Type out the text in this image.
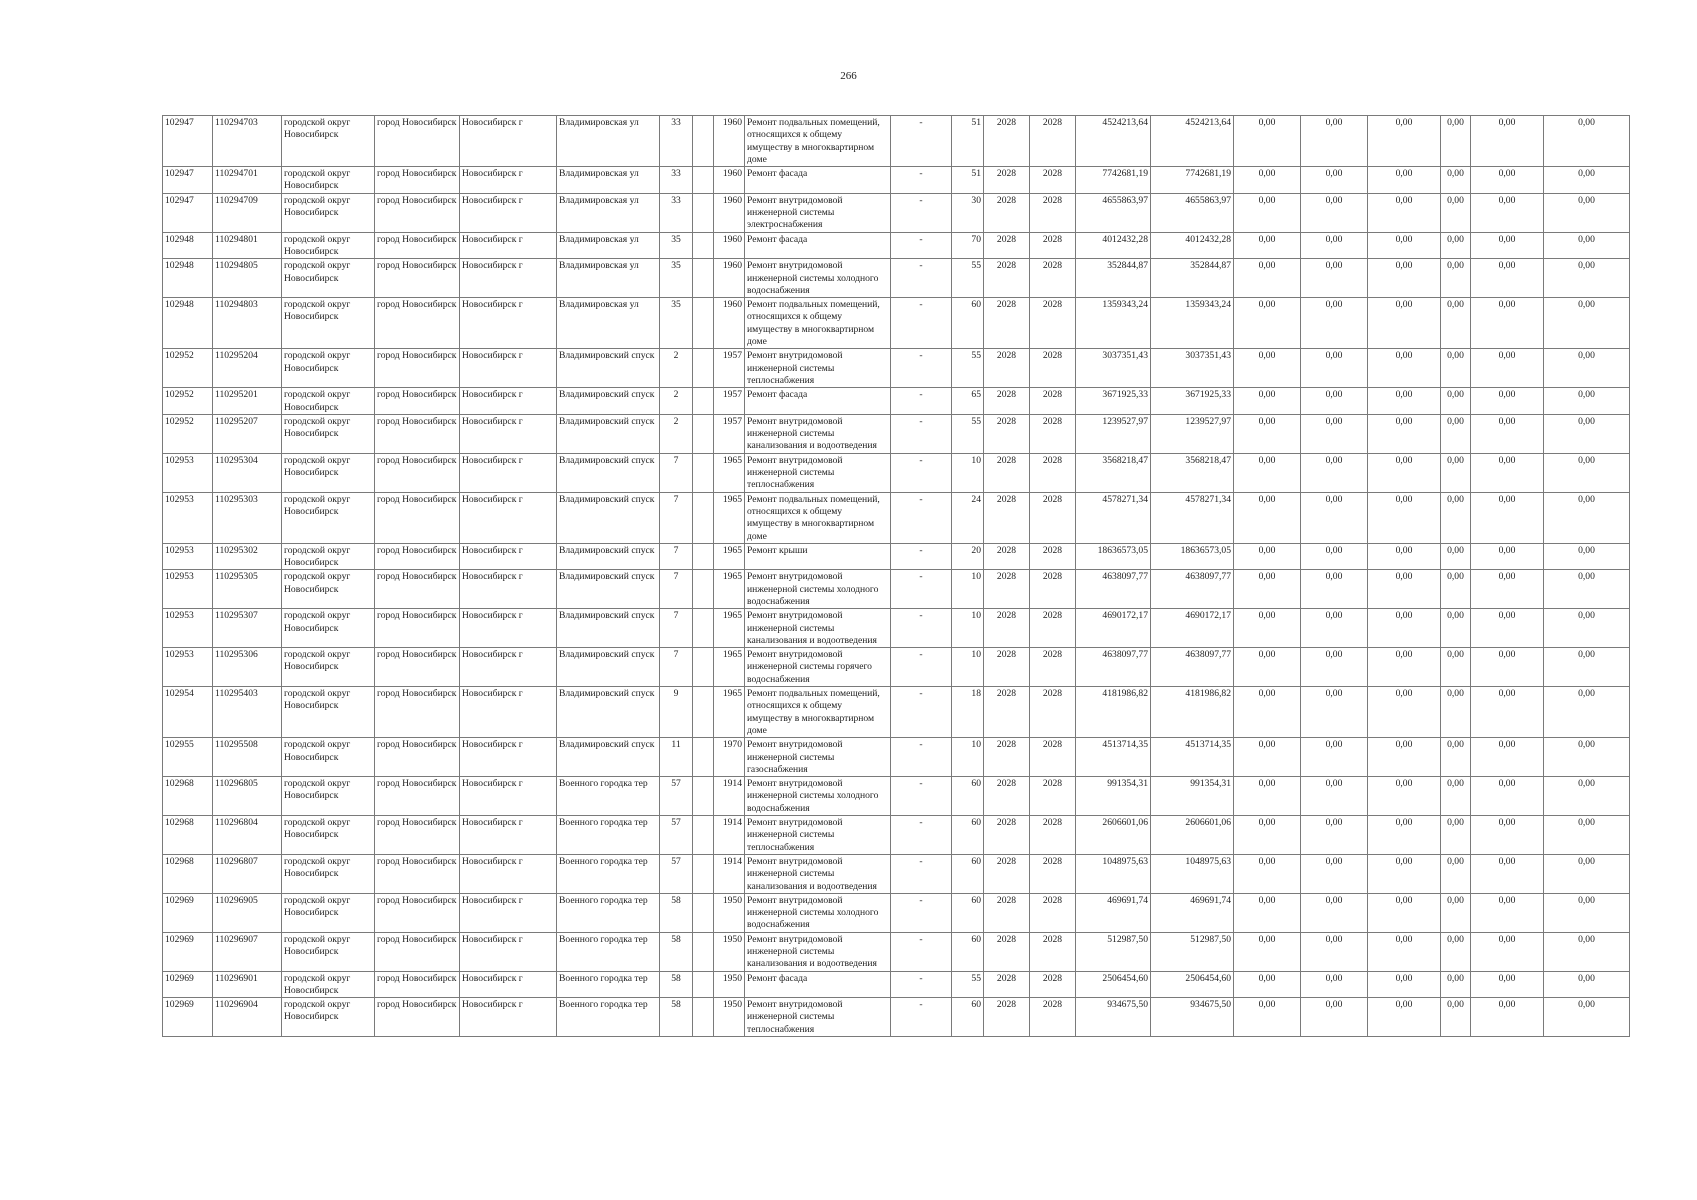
266
102947	110294703	городской округ Новосибирск	город Новосибирск	Новосибирск г	Владимировская ул	33		1960	Ремонт подвальных помещений, относящихся к общему имуществу в многоквартирном доме	-	51	2028	2028	4524213,64	4524213,64	0,00	0,00	0,00	0,00	0,00	0,00
102947	110294701	городской округ Новосибирск	город Новосибирск	Новосибирск г	Владимировская ул	33		1960	Ремонт фасада	-	51	2028	2028	7742681,19	7742681,19	0,00	0,00	0,00	0,00	0,00	0,00
102947	110294709	городской округ Новосибирск	город Новосибирск	Новосибирск г	Владимировская ул	33		1960	Ремонт внутридомовой инженерной системы электроснабжения	-	30	2028	2028	4655863,97	4655863,97	0,00	0,00	0,00	0,00	0,00	0,00
102948	110294801	городской округ Новосибирск	город Новосибирск	Новосибирск г	Владимировская ул	35		1960	Ремонт фасада	-	70	2028	2028	4012432,28	4012432,28	0,00	0,00	0,00	0,00	0,00	0,00
102948	110294805	городской округ Новосибирск	город Новосибирск	Новосибирск г	Владимировская ул	35		1960	Ремонт внутридомовой инженерной системы холодного водоснабжения	-	55	2028	2028	352844,87	352844,87	0,00	0,00	0,00	0,00	0,00	0,00
102948	110294803	городской округ Новосибирск	город Новосибирск	Новосибирск г	Владимировская ул	35		1960	Ремонт подвальных помещений, относящихся к общему имуществу в многоквартирном доме	-	60	2028	2028	1359343,24	1359343,24	0,00	0,00	0,00	0,00	0,00	0,00
102952	110295204	городской округ Новосибирск	город Новосибирск	Новосибирск г	Владимировский спуск	2		1957	Ремонт внутридомовой инженерной системы теплоснабжения	-	55	2028	2028	3037351,43	3037351,43	0,00	0,00	0,00	0,00	0,00	0,00
102952	110295201	городской округ Новосибирск	город Новосибирск	Новосибирск г	Владимировский спуск	2		1957	Ремонт фасада	-	65	2028	2028	3671925,33	3671925,33	0,00	0,00	0,00	0,00	0,00	0,00
102952	110295207	городской округ Новосибирск	город Новосибирск	Новосибирск г	Владимировский спуск	2		1957	Ремонт внутридомовой инженерной системы канализования и водоотведения	-	55	2028	2028	1239527,97	1239527,97	0,00	0,00	0,00	0,00	0,00	0,00
102953	110295304	городской округ Новосибирск	город Новосибирск	Новосибирск г	Владимировский спуск	7		1965	Ремонт внутридомовой инженерной системы теплоснабжения	-	10	2028	2028	3568218,47	3568218,47	0,00	0,00	0,00	0,00	0,00	0,00
102953	110295303	городской округ Новосибирск	город Новосибирск	Новосибирск г	Владимировский спуск	7		1965	Ремонт подвальных помещений, относящихся к общему имуществу в многоквартирном доме	-	24	2028	2028	4578271,34	4578271,34	0,00	0,00	0,00	0,00	0,00	0,00
102953	110295302	городской округ Новосибирск	город Новосибирск	Новосибирск г	Владимировский спуск	7		1965	Ремонт крыши	-	20	2028	2028	18636573,05	18636573,05	0,00	0,00	0,00	0,00	0,00	0,00
102953	110295305	городской округ Новосибирск	город Новосибирск	Новосибирск г	Владимировский спуск	7		1965	Ремонт внутридомовой инженерной системы холодного водоснабжения	-	10	2028	2028	4638097,77	4638097,77	0,00	0,00	0,00	0,00	0,00	0,00
102953	110295307	городской округ Новосибирск	город Новосибирск	Новосибирск г	Владимировский спуск	7		1965	Ремонт внутридомовой инженерной системы канализования и водоотведения	-	10	2028	2028	4690172,17	4690172,17	0,00	0,00	0,00	0,00	0,00	0,00
102953	110295306	городской округ Новосибирск	город Новосибирск	Новосибирск г	Владимировский спуск	7		1965	Ремонт внутридомовой инженерной системы горячего водоснабжения	-	10	2028	2028	4638097,77	4638097,77	0,00	0,00	0,00	0,00	0,00	0,00
102954	110295403	городской округ Новосибирск	город Новосибирск	Новосибирск г	Владимировский спуск	9		1965	Ремонт подвальных помещений, относящихся к общему имуществу в многоквартирном доме	-	18	2028	2028	4181986,82	4181986,82	0,00	0,00	0,00	0,00	0,00	0,00
102955	110295508	городской округ Новосибирск	город Новосибирск	Новосибирск г	Владимировский спуск	11		1970	Ремонт внутридомовой инженерной системы газоснабжения	-	10	2028	2028	4513714,35	4513714,35	0,00	0,00	0,00	0,00	0,00	0,00
102968	110296805	городской округ Новосибирск	город Новосибирск	Новосибирск г	Военного городка тер	57		1914	Ремонт внутридомовой инженерной системы холодного водоснабжения	-	60	2028	2028	991354,31	991354,31	0,00	0,00	0,00	0,00	0,00	0,00
102968	110296804	городской округ Новосибирск	город Новосибирск	Новосибирск г	Военного городка тер	57		1914	Ремонт внутридомовой инженерной системы теплоснабжения	-	60	2028	2028	2606601,06	2606601,06	0,00	0,00	0,00	0,00	0,00	0,00
102968	110296807	городской округ Новосибирск	город Новосибирск	Новосибирск г	Военного городка тер	57		1914	Ремонт внутридомовой инженерной системы канализования и водоотведения	-	60	2028	2028	1048975,63	1048975,63	0,00	0,00	0,00	0,00	0,00	0,00
102969	110296905	городской округ Новосибирск	город Новосибирск	Новосибирск г	Военного городка тер	58		1950	Ремонт внутридомовой инженерной системы холодного водоснабжения	-	60	2028	2028	469691,74	469691,74	0,00	0,00	0,00	0,00	0,00	0,00
102969	110296907	городской округ Новосибирск	город Новосибирск	Новосибирск г	Военного городка тер	58		1950	Ремонт внутридомовой инженерной системы канализования и водоотведения	-	60	2028	2028	512987,50	512987,50	0,00	0,00	0,00	0,00	0,00	0,00
102969	110296901	городской округ Новосибирск	город Новосибирск	Новосибирск г	Военного городка тер	58		1950	Ремонт фасада	-	55	2028	2028	2506454,60	2506454,60	0,00	0,00	0,00	0,00	0,00	0,00
102969	110296904	городской округ Новосибирск	город Новосибирск	Новосибирск г	Военного городка тер	58		1950	Ремонт внутридомовой инженерной системы теплоснабжения	-	60	2028	2028	934675,50	934675,50	0,00	0,00	0,00	0,00	0,00	0,00
